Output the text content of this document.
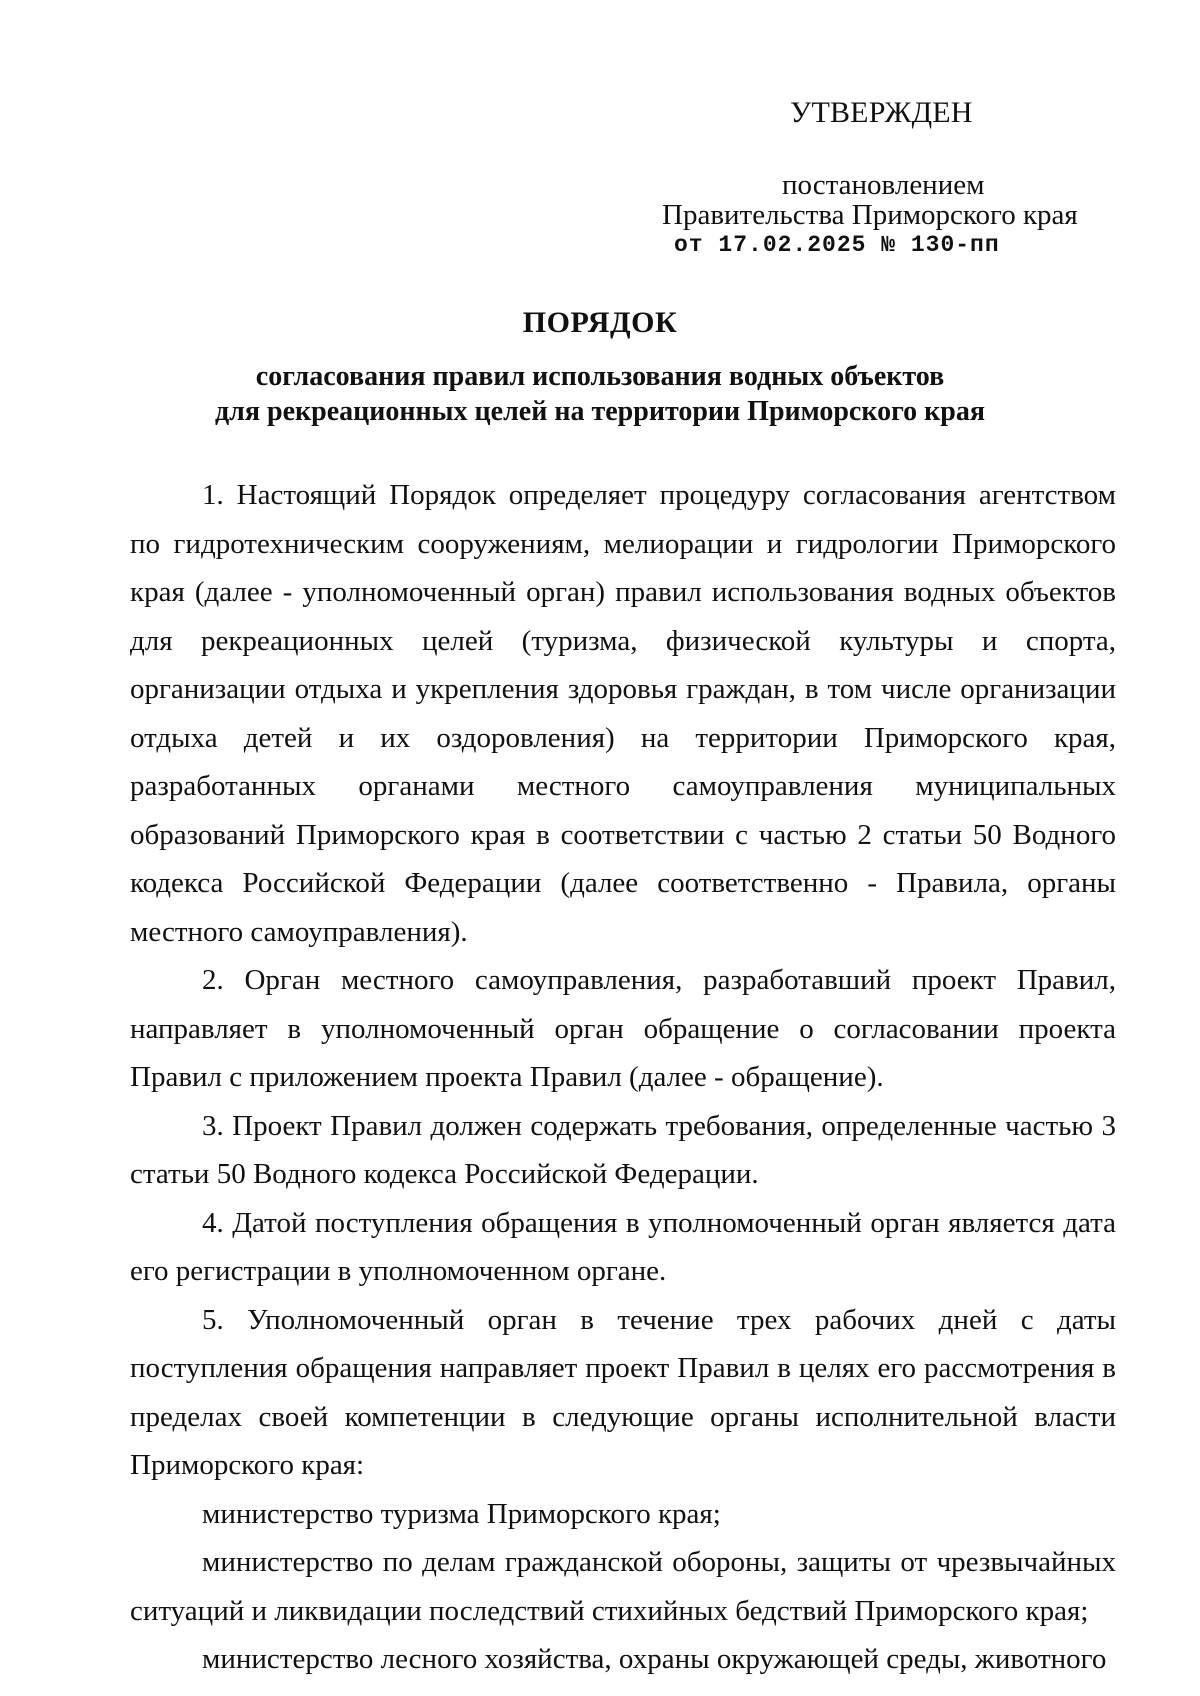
УТВЕРЖДЕН
постановлением
Правительства Приморского края
от 17.02.2025 № 130-пп
ПОРЯДОК
согласования правил использования водных объектов
для рекреационных целей на территории Приморского края

1. Настоящий Порядок определяет процедуру согласования агентством по гидротехническим сооружениям, мелиорации и гидрологии Приморского края (далее - уполномоченный орган) правил использования водных объектов для рекреационных целей (туризма, физической культуры и спорта, организации отдыха и укрепления здоровья граждан, в том числе организации отдыха детей и их оздоровления) на территории Приморского края, разработанных органами местного самоуправления муниципальных образований Приморского края в соответствии с частью 2 статьи 50 Водного кодекса Российской Федерации (далее соответственно - Правила, органы местного самоуправления).

2. Орган местного самоуправления, разработавший проект Правил, направляет в уполномоченный орган обращение о согласовании проекта Правил с приложением проекта Правил (далее - обращение).

3. Проект Правил должен содержать требования, определенные частью 3 статьи 50 Водного кодекса Российской Федерации.

4. Датой поступления обращения в уполномоченный орган является дата его регистрации в уполномоченном органе.

5. Уполномоченный орган в течение трех рабочих дней с даты поступления обращения направляет проект Правил в целях его рассмотрения в пределах своей компетенции в следующие органы исполнительной власти Приморского края:

министерство туризма Приморского края;

министерство по делам гражданской обороны, защиты от чрезвычайных ситуаций и ликвидации последствий стихийных бедствий Приморского края;

министерство лесного хозяйства, охраны окружающей среды, животного
